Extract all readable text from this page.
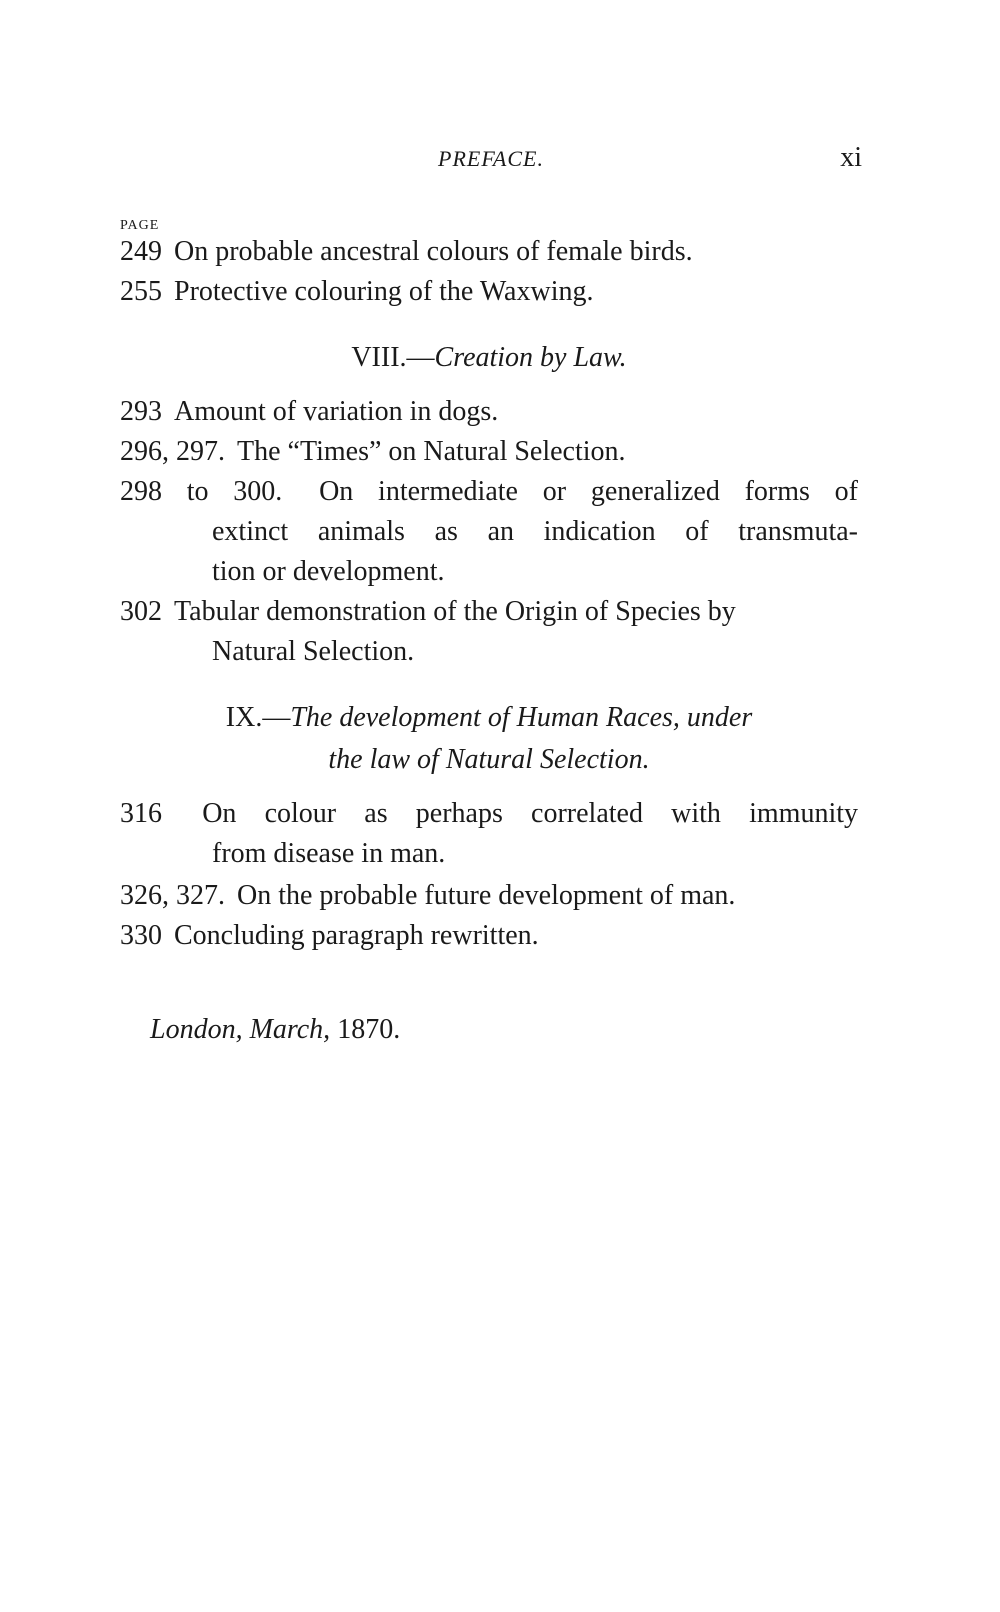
PREFACE.	xi
PAGE
249 On probable ancestral colours of female birds.
255 Protective colouring of the Waxwing.
VIII.—Creation by Law.
293 Amount of variation in dogs.
296, 297. The “Times” on Natural Selection.
298 to 300. On intermediate or generalized forms of
extinct animals as an indication of transmuta-
tion or development.
302 Tabular demonstration of the Origin of Species by
Natural Selection.
IX.—The development of Human Races, under
the law of Natural Selection.
316 On colour as perhaps correlated with immunity
from disease in man.
326, 327. On the probable future development of man.
330 Concluding paragraph rewritten.
London, March, 1870.
